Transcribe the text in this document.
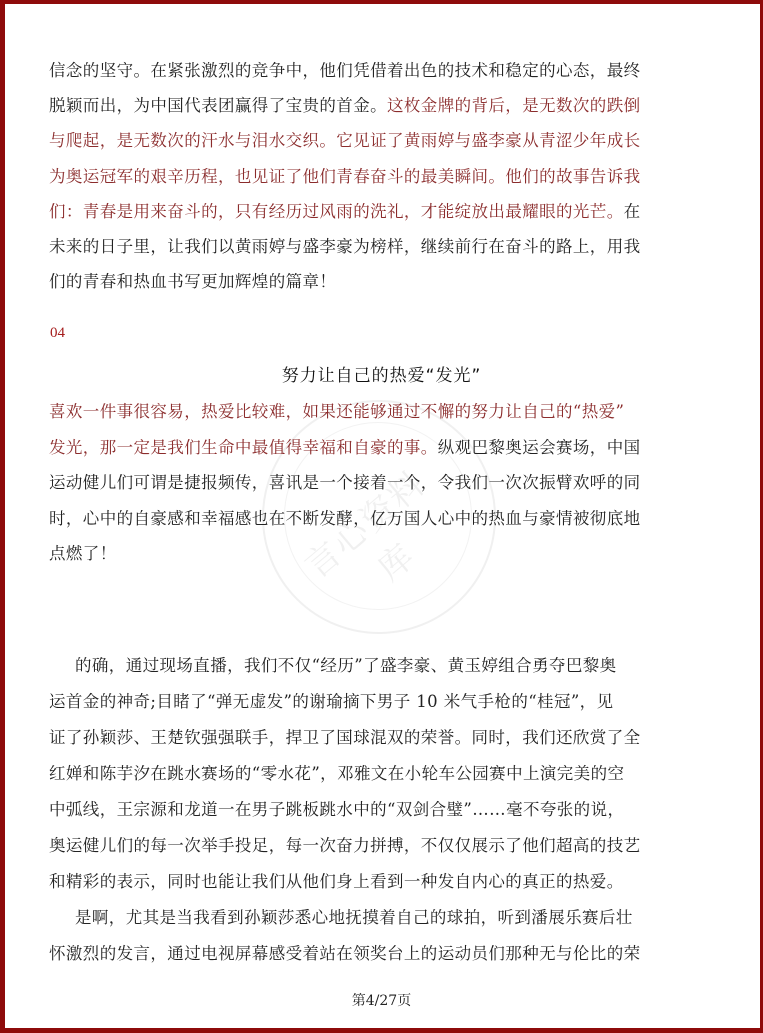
言心资料库
信念的坚守。在紧张激烈的竞争中，他们凭借着出色的技术和稳定的心态，最终
脱颖而出，为中国代表团赢得了宝贵的首金。这枚金牌的背后，是无数次的跌倒
与爬起，是无数次的汗水与泪水交织。它见证了黄雨婷与盛李豪从青涩少年成长
为奥运冠军的艰辛历程，也见证了他们青春奋斗的最美瞬间。他们的故事告诉我
们：青春是用来奋斗的，只有经历过风雨的洗礼，才能绽放出最耀眼的光芒。在
未来的日子里，让我们以黄雨婷与盛李豪为榜样，继续前行在奋斗的路上，用我
们的青春和热血书写更加辉煌的篇章！
04
努力让自己的热爱“发光”
喜欢一件事很容易，热爱比较难，如果还能够通过不懈的努力让自己的“热爱”
发光，那一定是我们生命中最值得幸福和自豪的事。纵观巴黎奥运会赛场，中国
运动健儿们可谓是捷报频传，喜讯是一个接着一个，令我们一次次振臂欢呼的同
时，心中的自豪感和幸福感也在不断发酵，亿万国人心中的热血与豪情被彻底地
点燃了！
的确，通过现场直播，我们不仅“经历”了盛李豪、黄玉婷组合勇夺巴黎奥
运首金的神奇;目睹了“弹无虚发”的谢瑜摘下男子 10 米气手枪的“桂冠”，见
证了孙颖莎、王楚钦强强联手，捍卫了国球混双的荣誉。同时，我们还欣赏了全
红婵和陈芋汐在跳水赛场的“零水花”，邓雅文在小轮车公园赛中上演完美的空
中弧线，王宗源和龙道一在男子跳板跳水中的“双剑合璧”……毫不夸张的说，
奥运健儿们的每一次举手投足，每一次奋力拼搏，不仅仅展示了他们超高的技艺
和精彩的表示，同时也能让我们从他们身上看到一种发自内心的真正的热爱。
是啊，尤其是当我看到孙颖莎悉心地抚摸着自己的球拍，听到潘展乐赛后壮
怀激烈的发言，通过电视屏幕感受着站在领奖台上的运动员们那种无与伦比的荣
第4/27页
